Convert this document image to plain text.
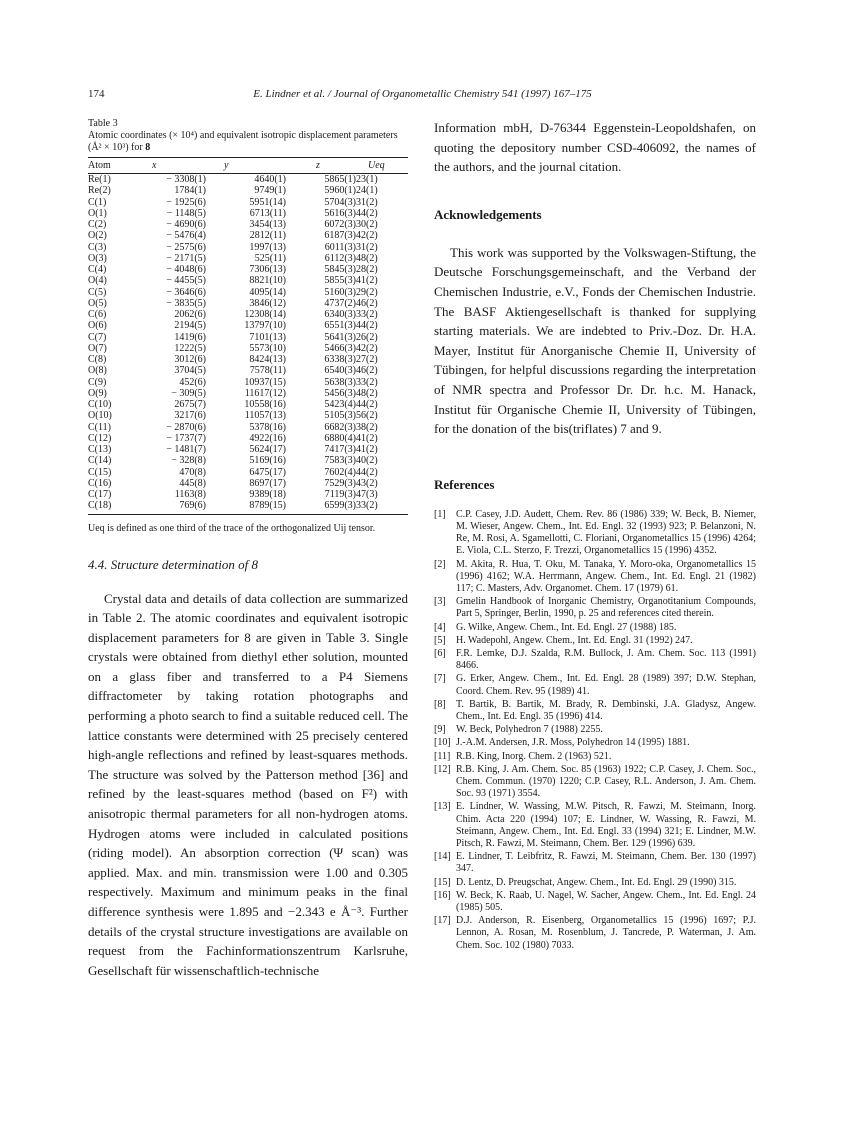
174	E. Lindner et al. / Journal of Organometallic Chemistry 541 (1997) 167–175
Table 3
Atomic coordinates (× 10⁴) and equivalent isotropic displacement parameters (Å² × 10³) for 8
Atom	x	y	z	Ueq
Re(1)	− 3308(1)	4640(1)	5865(1)	23(1)
Re(2)	1784(1)	9749(1)	5960(1)	24(1)
C(1)	− 1925(6)	5951(14)	5704(3)	31(2)
O(1)	− 1148(5)	6713(11)	5616(3)	44(2)
C(2)	− 4690(6)	3454(13)	6072(3)	30(2)
O(2)	− 5476(4)	2812(11)	6187(3)	42(2)
C(3)	− 2575(6)	1997(13)	6011(3)	31(2)
O(3)	− 2171(5)	525(11)	6112(3)	48(2)
C(4)	− 4048(6)	7306(13)	5845(3)	28(2)
O(4)	− 4455(5)	8821(10)	5855(3)	41(2)
C(5)	− 3646(6)	4095(14)	5160(3)	29(2)
O(5)	− 3835(5)	3846(12)	4737(2)	46(2)
C(6)	2062(6)	12308(14)	6340(3)	33(2)
O(6)	2194(5)	13797(10)	6551(3)	44(2)
C(7)	1419(6)	7101(13)	5641(3)	26(2)
O(7)	1222(5)	5573(10)	5466(3)	42(2)
C(8)	3012(6)	8424(13)	6338(3)	27(2)
O(8)	3704(5)	7578(11)	6540(3)	46(2)
C(9)	452(6)	10937(15)	5638(3)	33(2)
O(9)	− 309(5)	11617(12)	5456(3)	48(2)
C(10)	2675(7)	10558(16)	5423(4)	44(2)
O(10)	3217(6)	11057(13)	5105(3)	56(2)
C(11)	− 2870(6)	5378(16)	6682(3)	38(2)
C(12)	− 1737(7)	4922(16)	6880(4)	41(2)
C(13)	− 1481(7)	5624(17)	7417(3)	41(2)
C(14)	− 328(8)	5169(16)	7583(3)	40(2)
C(15)	470(8)	6475(17)	7602(4)	44(2)
C(16)	445(8)	8697(17)	7529(3)	43(2)
C(17)	1163(8)	9389(18)	7119(3)	47(3)
C(18)	769(6)	8789(15)	6599(3)	33(2)
Ueq is defined as one third of the trace of the orthogonalized Uij tensor.
4.4. Structure determination of 8

Crystal data and details of data collection are summarized in Table 2. The atomic coordinates and equivalent isotropic displacement parameters for 8 are given in Table 3. Single crystals were obtained from diethyl ether solution, mounted on a glass fiber and transferred to a P4 Siemens diffractometer by taking rotation photographs and performing a photo search to find a suitable reduced cell. The lattice constants were determined with 25 precisely centered high-angle reflections and refined by least-squares methods. The structure was solved by the Patterson method [36] and refined by the least-squares method (based on F²) with anisotropic thermal parameters for all non-hydrogen atoms. Hydrogen atoms were included in calculated positions (riding model). An absorption correction (Ψ scan) was applied. Max. and min. transmission were 1.00 and 0.305 respectively. Maximum and minimum peaks in the final difference synthesis were 1.895 and −2.343 e Å⁻³. Further details of the crystal structure investigations are available on request from the Fachinformationszentrum Karlsruhe, Gesellschaft für wissenschaftlich-technische

Information mbH, D-76344 Eggenstein-Leopoldshafen, on quoting the depository number CSD-406092, the names of the authors, and the journal citation.

Acknowledgements

This work was supported by the Volkswagen-Stiftung, the Deutsche Forschungsgemeinschaft, and the Verband der Chemischen Industrie, e.V., Fonds der Chemischen Industrie. The BASF Aktiengesellschaft is thanked for supplying starting materials. We are indebted to Priv.-Doz. Dr. H.A. Mayer, Institut für Anorganische Chemie II, University of Tübingen, for helpful discussions regarding the interpretation of NMR spectra and Professor Dr. Dr. h.c. M. Hanack, Institut für Organische Chemie II, University of Tübingen, for the donation of the bis(triflates) 7 and 9.

References
[1]	C.P. Casey, J.D. Audett, Chem. Rev. 86 (1986) 339; W. Beck, B. Niemer, M. Wieser, Angew. Chem., Int. Ed. Engl. 32 (1993) 923; P. Belanzoni, N. Re, M. Rosi, A. Sgamellotti, C. Floriani, Organometallics 15 (1996) 4264; E. Viola, C.L. Sterzo, F. Trezzi, Organometallics 15 (1996) 4352.
[2]	M. Akita, R. Hua, T. Oku, M. Tanaka, Y. Moro-oka, Organometallics 15 (1996) 4162; W.A. Herrmann, Angew. Chem., Int. Ed. Engl. 21 (1982) 117; C. Masters, Adv. Organomet. Chem. 17 (1979) 61.
[3]	Gmelin Handbook of Inorganic Chemistry, Organotitanium Compounds, Part 5, Springer, Berlin, 1990, p. 25 and references cited therein.
[4]	G. Wilke, Angew. Chem., Int. Ed. Engl. 27 (1988) 185.
[5]	H. Wadepohl, Angew. Chem., Int. Ed. Engl. 31 (1992) 247.
[6]	F.R. Lemke, D.J. Szalda, R.M. Bullock, J. Am. Chem. Soc. 113 (1991) 8466.
[7]	G. Erker, Angew. Chem., Int. Ed. Engl. 28 (1989) 397; D.W. Stephan, Coord. Chem. Rev. 95 (1989) 41.
[8]	T. Bartik, B. Bartik, M. Brady, R. Dembinski, J.A. Gladysz, Angew. Chem., Int. Ed. Engl. 35 (1996) 414.
[9]	W. Beck, Polyhedron 7 (1988) 2255.
[10] J.-A.M. Andersen, J.R. Moss, Polyhedron 14 (1995) 1881.
[11] R.B. King, Inorg. Chem. 2 (1963) 521.
[12] R.B. King, J. Am. Chem. Soc. 85 (1963) 1922; C.P. Casey, J. Chem. Soc., Chem. Commun. (1970) 1220; C.P. Casey, R.L. Anderson, J. Am. Chem. Soc. 93 (1971) 3554.
[13] E. Lindner, W. Wassing, M.W. Pitsch, R. Fawzi, M. Steimann, Inorg. Chim. Acta 220 (1994) 107; E. Lindner, W. Wassing, R. Fawzi, M. Steimann, Angew. Chem., Int. Ed. Engl. 33 (1994) 321; E. Lindner, M.W. Pitsch, R. Fawzi, M. Steimann, Chem. Ber. 129 (1996) 639.
[14] E. Lindner, T. Leibfritz, R. Fawzi, M. Steimann, Chem. Ber. 130 (1997) 347.
[15] D. Lentz, D. Preugschat, Angew. Chem., Int. Ed. Engl. 29 (1990) 315.
[16] W. Beck, K. Raab, U. Nagel, W. Sacher, Angew. Chem., Int. Ed. Engl. 24 (1985) 505.
[17] D.J. Anderson, R. Eisenberg, Organometallics 15 (1996) 1697; P.J. Lennon, A. Rosan, M. Rosenblum, J. Tancrede, P. Waterman, J. Am. Chem. Soc. 102 (1980) 7033.
